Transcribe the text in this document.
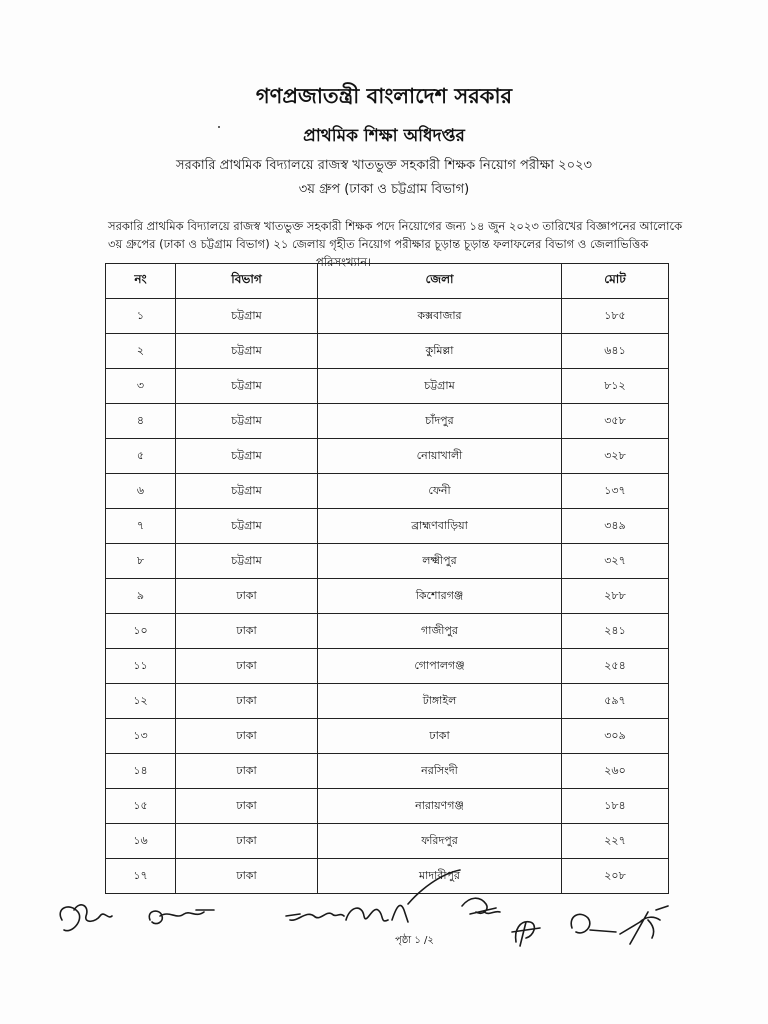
গণপ্রজাতন্ত্রী বাংলাদেশ সরকার
প্রাথমিক শিক্ষা অধিদপ্তর
সরকারি প্রাথমিক বিদ্যালয়ে রাজস্ব খাতভুক্ত সহকারী শিক্ষক নিয়োগ পরীক্ষা ২০২৩
৩য় গ্রুপ (ঢাকা ও চট্টগ্রাম বিভাগ)
সরকারি প্রাথমিক বিদ্যালয়ে রাজস্ব খাতভুক্ত সহকারী শিক্ষক পদে নিয়োগের জন্য ১৪ জুন ২০২৩ তারিখের বিজ্ঞাপনের আলোকে
৩য় গ্রুপের (ঢাকা ও চট্টগ্রাম বিভাগ) ২১ জেলায় গৃহীত নিয়োগ পরীক্ষার চূড়ান্ত চূড়ান্ত ফলাফলের বিভাগ ও জেলাভিত্তিক
পরিসংখ্যান।
নং	বিভাগ	জেলা	মোট
১	চট্টগ্রাম	কক্সবাজার	১৮৫
২	চট্টগ্রাম	কুমিল্লা	৬৪১
৩	চট্টগ্রাম	চট্টগ্রাম	৮১২
৪	চট্টগ্রাম	চাঁদপুর	৩৫৮
৫	চট্টগ্রাম	নোয়াখালী	৩২৮
৬	চট্টগ্রাম	ফেনী	১৩৭
৭	চট্টগ্রাম	ব্রাহ্মণবাড়িয়া	৩৪৯
৮	চট্টগ্রাম	লক্ষ্মীপুর	৩২৭
৯	ঢাকা	কিশোরগঞ্জ	২৮৮
১০	ঢাকা	গাজীপুর	২৪১
১১	ঢাকা	গোপালগঞ্জ	২৫৪
১২	ঢাকা	টাঙ্গাইল	৫৯৭
১৩	ঢাকা	ঢাকা	৩০৯
১৪	ঢাকা	নরসিংদী	২৬০
১৫	ঢাকা	নারায়ণগঞ্জ	১৮৪
১৬	ঢাকা	ফরিদপুর	২২৭
১৭	ঢাকা	মাদারীপুর	২০৮
পৃষ্ঠা ১ /২
